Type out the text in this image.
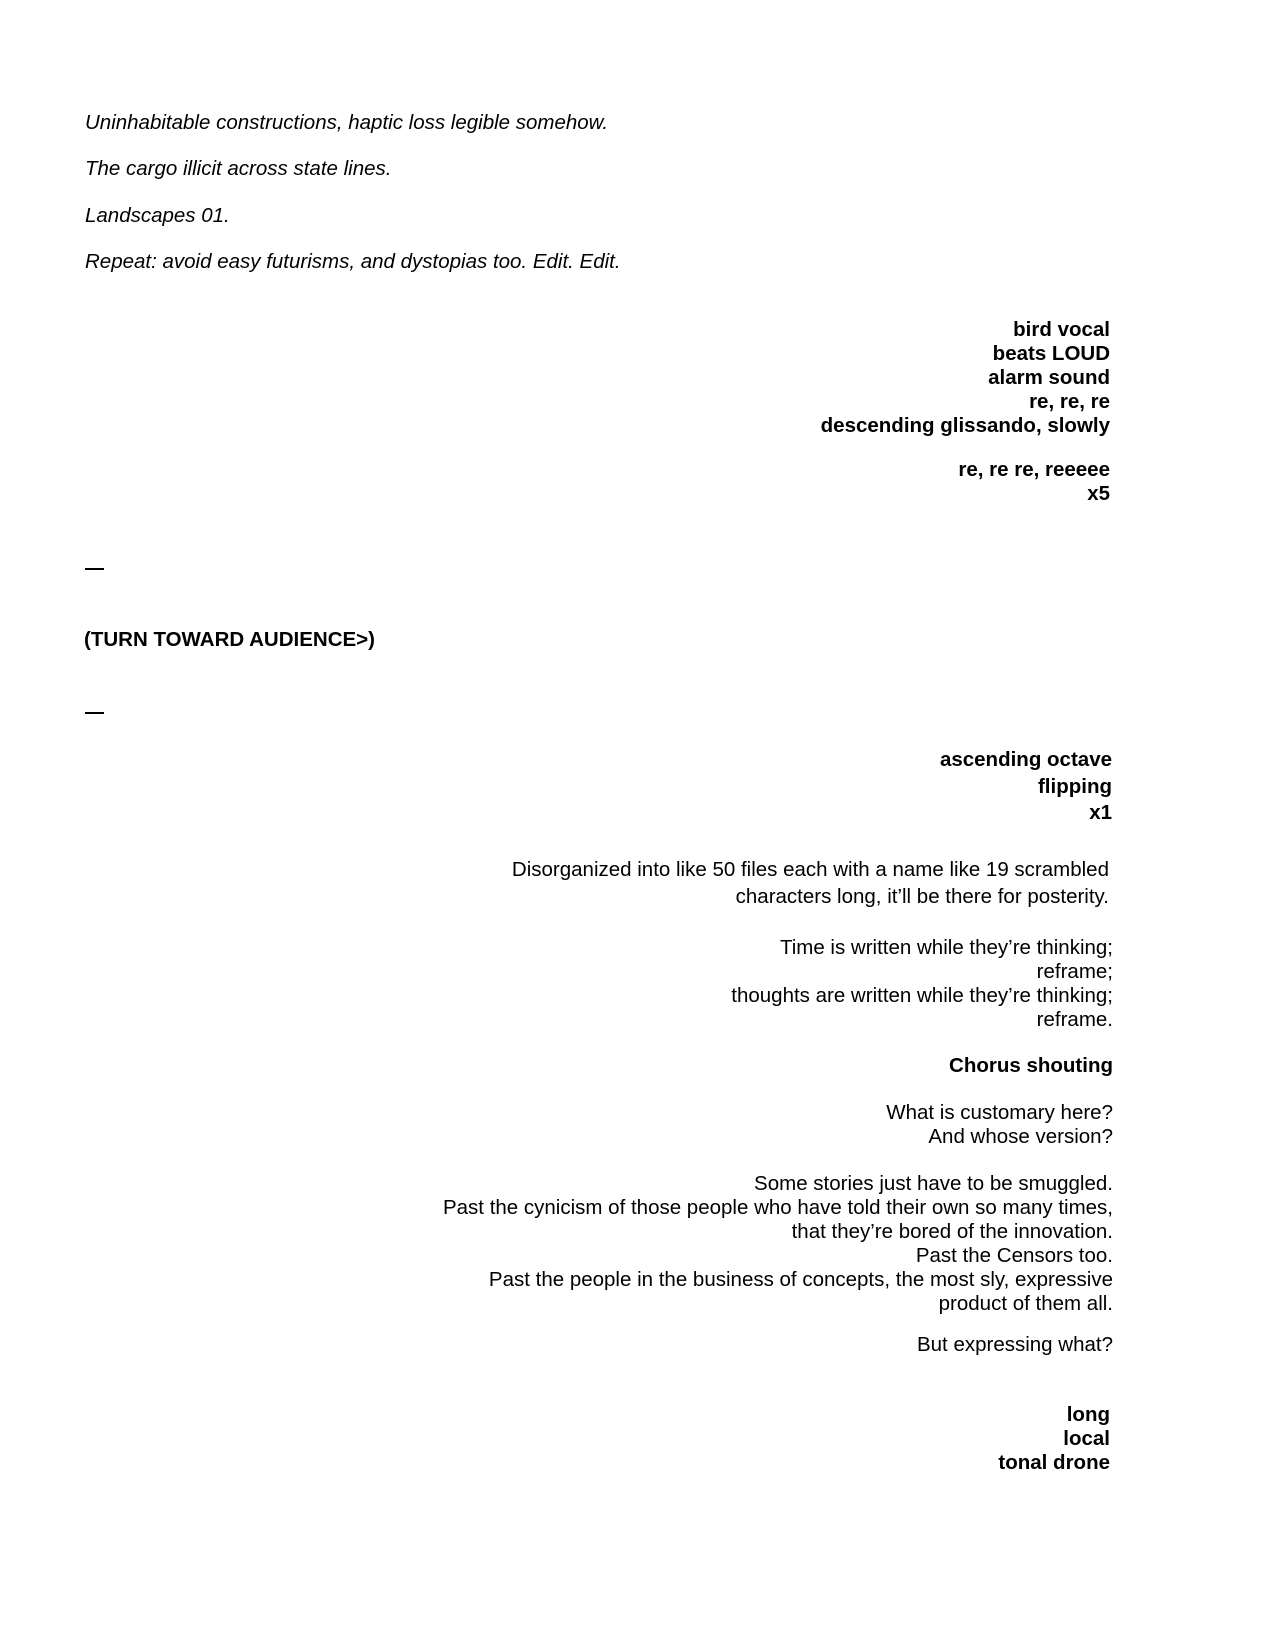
Uninhabitable constructions, haptic loss legible somehow.

The cargo illicit across state lines.

Landscapes 01.

Repeat: avoid easy futurisms, and dystopias too. Edit. Edit.

bird vocal
beats LOUD
alarm sound
re, re, re
descending glissando, slowly
re, re re, reeeee
x5

(TURN TOWARD AUDIENCE>)

ascending octave
flipping
x1
Disorganized into like 50 files each with a name like 19 scrambled
characters long, it’ll be there for posterity.
Time is written while they’re thinking;
reframe;
thoughts are written while they’re thinking;
reframe.
Chorus shouting
What is customary here?
And whose version?
Some stories just have to be smuggled.
Past the cynicism of those people who have told their own so many times,
that they’re bored of the innovation.
Past the Censors too.
Past the people in the business of concepts, the most sly, expressive
product of them all.
But expressing what?
long
local
tonal drone
